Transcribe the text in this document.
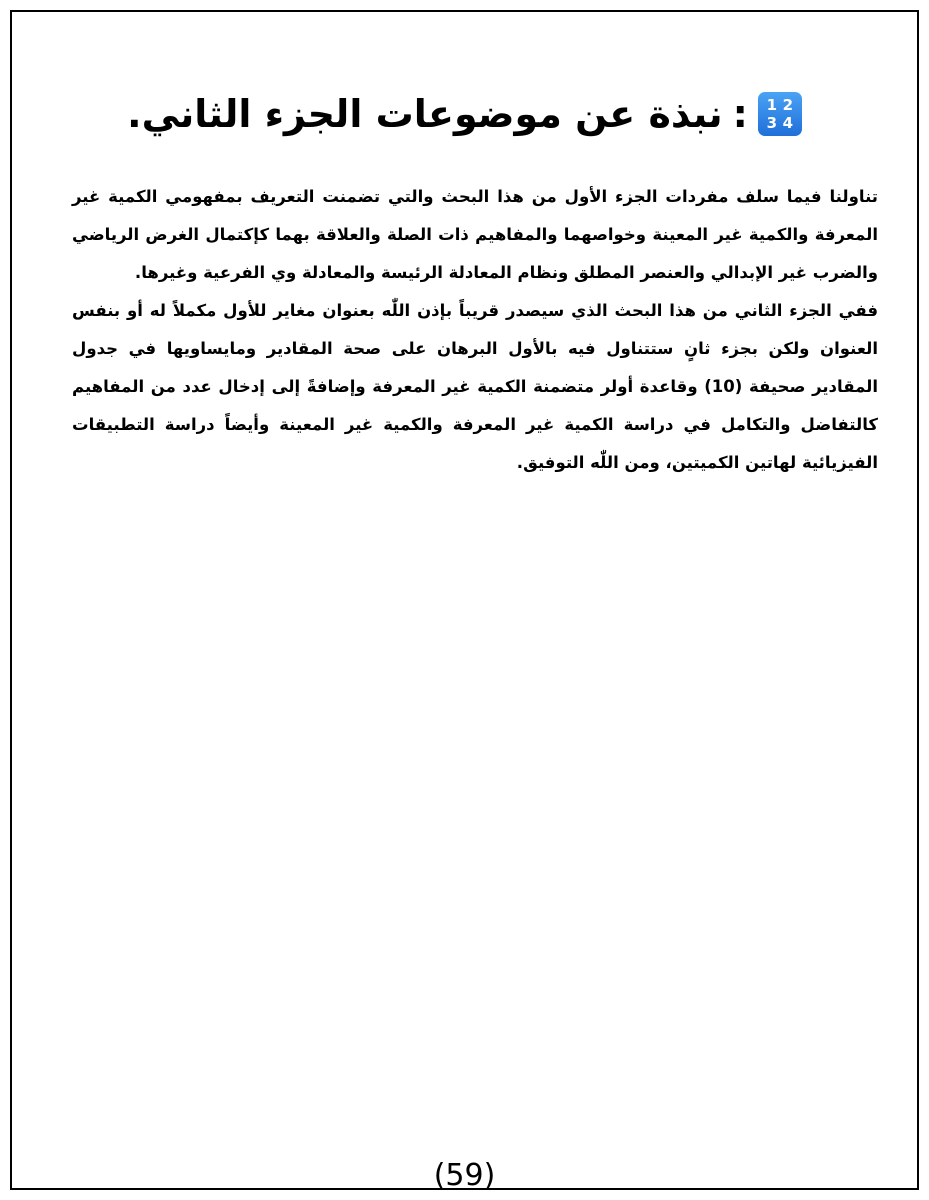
1 2
3 4
:
نبذة عن موضوعات الجزء الثاني.

تناولنا فيما سلف مفردات الجزء الأول من هذا البحث والتي تضمنت التعريف بمفهومي الكمية غير المعرفة والكمية غير المعينة وخواصهما والمفاهيم ذات الصلة والعلاقة بهما كإكتمال الغرض الرياضي والضرب غير الإبدالي والعنصر المطلق ونظام المعادلة الرئيسة والمعادلة وي الفرعية وغيرها.

ففي الجزء الثاني من هذا البحث الذي سيصدر قريباً بإذن اللّٰه بعنوان مغاير للأول مكملاً له أو بنفس العنوان ولكن بجزء ثانٍ ستتناول فيه بالأول البرهان على صحة المقادير ومايساويها في جدول المقادير صحيفة (10) وقاعدة أولر متضمنة الكمية غير المعرفة وإضافةً إلى إدخال عدد من المفاهيم كالتفاضل والتكامل في دراسة الكمية غير المعرفة والكمية غير المعينة وأيضاً دراسة التطبيقات الفيزيائية لهاتين الكميتين، ومن اللّٰه التوفيق.

(59)
